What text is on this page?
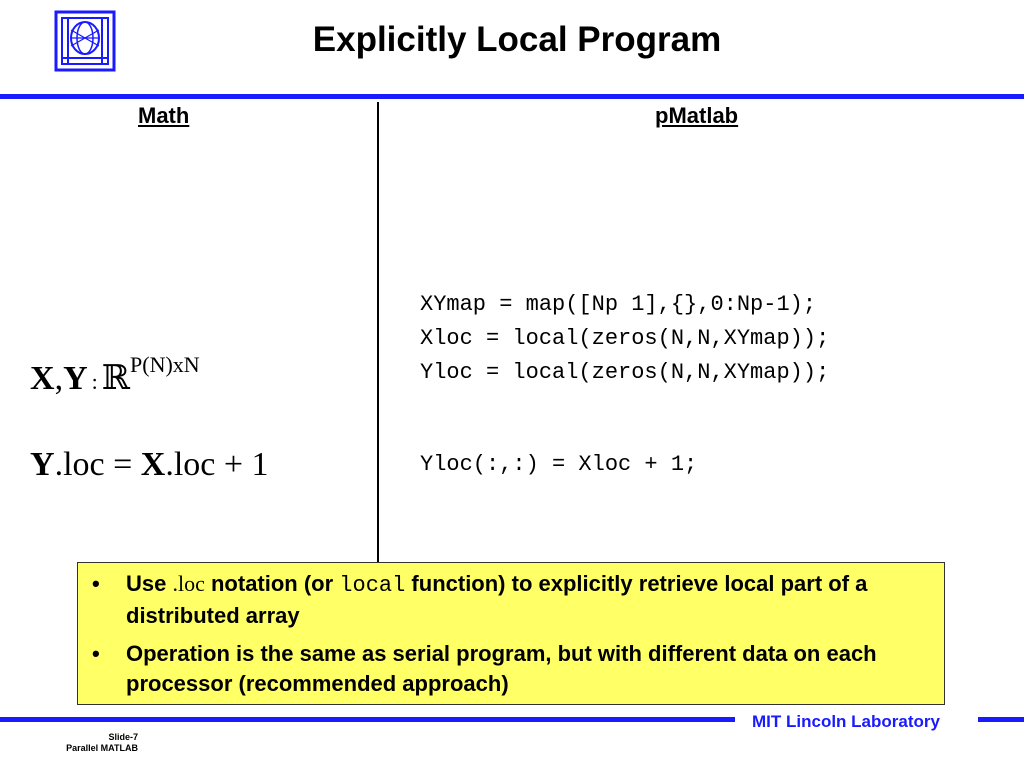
Explicitly Local Program
Math	pMatlab
X,Y : ℝ$^{P(N)xN}$
Y.loc = X.loc + 1
XYmap = map([Np 1],{},0:Np-1);
Xloc = local(zeros(N,N,XYmap));
Yloc = local(zeros(N,N,XYmap));
Yloc(:,:) = Xloc + 1;
• Use .loc notation (or local function) to explicitly retrieve local part of a distributed array
• Operation is the same as serial program, but with different data on each processor (recommended approach)
MIT Lincoln Laboratory
Slide-7
Parallel MATLAB
